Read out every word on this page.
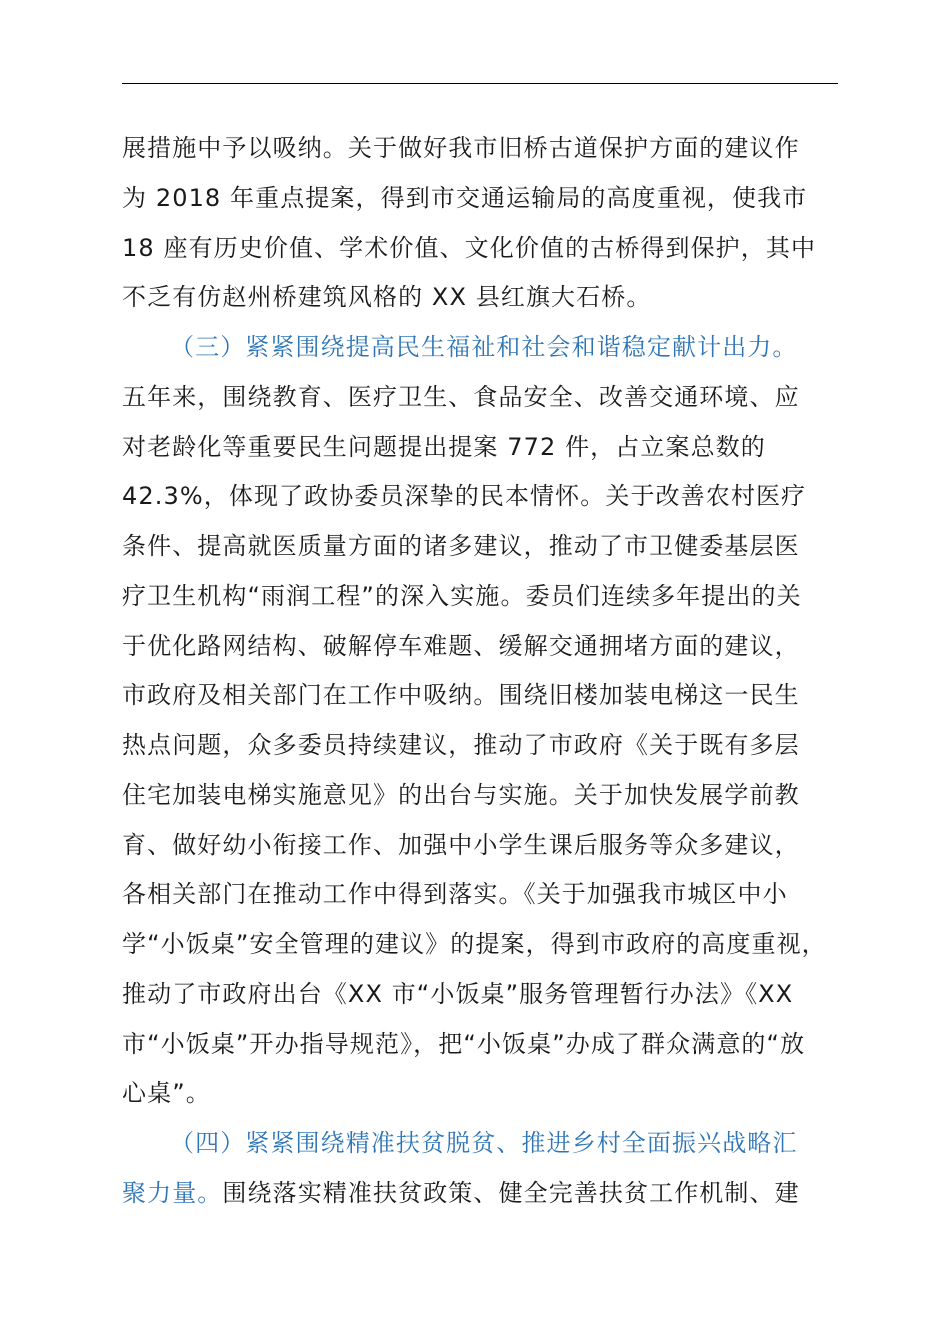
展措施中予以吸纳。关于做好我市旧桥古道保护方面的建议作
为 2018 年重点提案，得到市交通运输局的高度重视，使我市
18 座有历史价值、学术价值、文化价值的古桥得到保护，其中
不乏有仿赵州桥建筑风格的 XX 县红旗大石桥。
（三）紧紧围绕提高民生福祉和社会和谐稳定献计出力。
五年来，围绕教育、医疗卫生、食品安全、改善交通环境、应
对老龄化等重要民生问题提出提案 772 件，占立案总数的
42.3%，体现了政协委员深挚的民本情怀。关于改善农村医疗
条件、提高就医质量方面的诸多建议，推动了市卫健委基层医
疗卫生机构“雨润工程”的深入实施。委员们连续多年提出的关
于优化路网结构、破解停车难题、缓解交通拥堵方面的建议，
市政府及相关部门在工作中吸纳。围绕旧楼加装电梯这一民生
热点问题，众多委员持续建议，推动了市政府《关于既有多层
住宅加装电梯实施意见》的出台与实施。关于加快发展学前教
育、做好幼小衔接工作、加强中小学生课后服务等众多建议，
各相关部门在推动工作中得到落实。《关于加强我市城区中小
学“小饭桌”安全管理的建议》的提案，得到市政府的高度重视，
推动了市政府出台《XX 市“小饭桌”服务管理暂行办法》《XX
市“小饭桌”开办指导规范》，把“小饭桌”办成了群众满意的“放
心桌”。
（四）紧紧围绕精准扶贫脱贫、推进乡村全面振兴战略汇
聚力量。围绕落实精准扶贫政策、健全完善扶贫工作机制、建
